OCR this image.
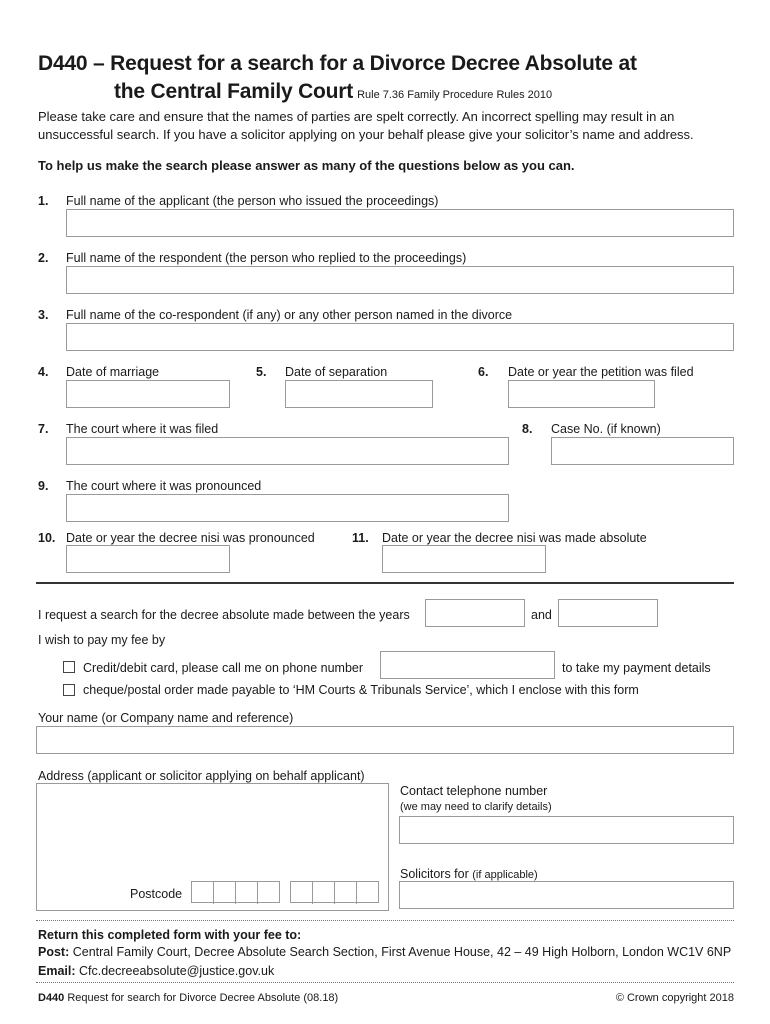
D440 – Request for a search for a Divorce Decree Absolute at
the Central Family Court Rule 7.36 Family Procedure Rules 2010
Please take care and ensure that the names of parties are spelt correctly. An incorrect spelling may result in an unsuccessful search. If you have a solicitor applying on your behalf please give your solicitor’s name and address.
To help us make the search please answer as many of the questions below as you can.
1. Full name of the applicant (the person who issued the proceedings)
2. Full name of the respondent (the person who replied to the proceedings)
3. Full name of the co-respondent (if any) or any other person named in the divorce
4. Date of marriage	5. Date of separation	6. Date or year the petition was filed
7. The court where it was filed	8. Case No. (if known)
9. The court where it was pronounced
10. Date or year the decree nisi was pronounced	11. Date or year the decree nisi was made absolute
I request a search for the decree absolute made between the years	and
I wish to pay my fee by
Credit/debit card, please call me on phone number	to take my payment details
cheque/postal order made payable to ‘HM Courts & Tribunals Service’, which I enclose with this form
Your name (or Company name and reference)
Address (applicant or solicitor applying on behalf applicant)
Postcode
Contact telephone number
(we may need to clarify details)
Solicitors for (if applicable)
Return this completed form with your fee to:
Post: Central Family Court, Decree Absolute Search Section, First Avenue House, 42 – 49 High Holborn, London WC1V 6NP
Email: Cfc.decreeabsolute@justice.gov.uk
D440 Request for search for Divorce Decree Absolute (08.18)	© Crown copyright 2018
